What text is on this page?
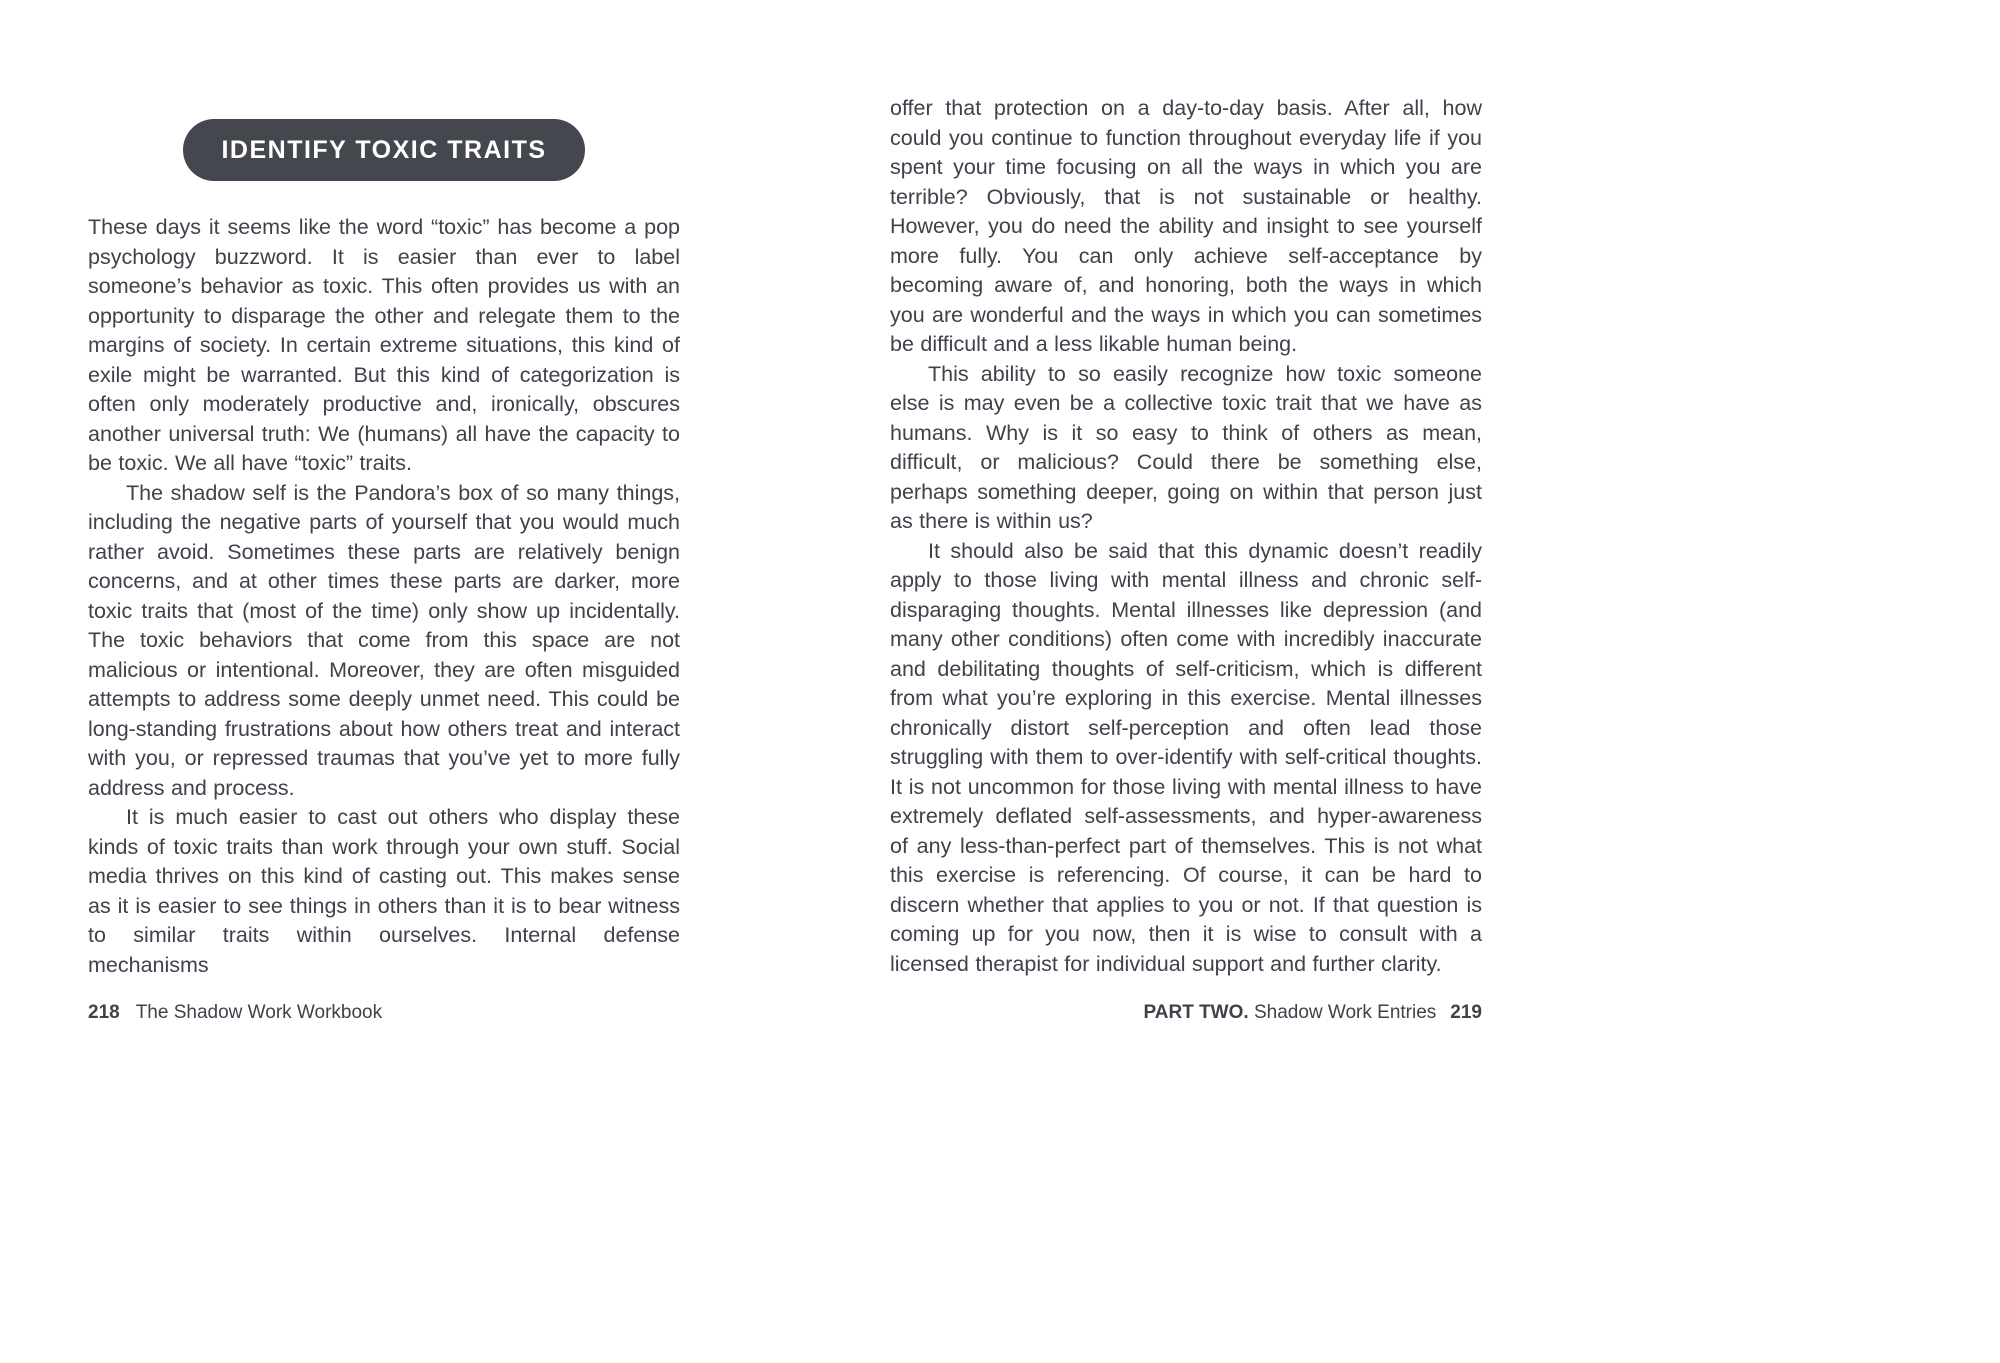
IDENTIFY TOXIC TRAITS

These days it seems like the word “toxic” has become a pop psychology buzzword. It is easier than ever to label someone’s behavior as toxic. This often provides us with an opportunity to disparage the other and relegate them to the margins of society. In certain extreme situations, this kind of exile might be warranted. But this kind of categorization is often only moderately productive and, ironically, obscures another universal truth: We (humans) all have the capacity to be toxic. We all have “toxic” traits.

The shadow self is the Pandora’s box of so many things, including the negative parts of yourself that you would much rather avoid. Sometimes these parts are relatively benign concerns, and at other times these parts are darker, more toxic traits that (most of the time) only show up incidentally. The toxic behaviors that come from this space are not malicious or intentional. Moreover, they are often misguided attempts to address some deeply unmet need. This could be long-standing frustrations about how others treat and interact with you, or repressed traumas that you’ve yet to more fully address and process.

It is much easier to cast out others who display these kinds of toxic traits than work through your own stuff. Social media thrives on this kind of casting out. This makes sense as it is easier to see things in others than it is to bear witness to similar traits within ourselves. Internal defense mechanisms

offer that protection on a day-to-day basis. After all, how could you continue to function throughout everyday life if you spent your time focusing on all the ways in which you are terrible? Obviously, that is not sustainable or healthy. However, you do need the ability and insight to see yourself more fully. You can only achieve self-acceptance by becoming aware of, and honoring, both the ways in which you are wonderful and the ways in which you can sometimes be difficult and a less likable human being.

This ability to so easily recognize how toxic someone else is may even be a collective toxic trait that we have as humans. Why is it so easy to think of others as mean, difficult, or malicious? Could there be something else, perhaps something deeper, going on within that person just as there is within us?

It should also be said that this dynamic doesn’t readily apply to those living with mental illness and chronic self-disparaging thoughts. Mental illnesses like depression (and many other conditions) often come with incredibly inaccurate and debilitating thoughts of self-criticism, which is different from what you’re exploring in this exercise. Mental illnesses chronically distort self-perception and often lead those struggling with them to over-identify with self-critical thoughts. It is not uncommon for those living with mental illness to have extremely deflated self-assessments, and hyper-awareness of any less-than-perfect part of themselves. This is not what this exercise is referencing. Of course, it can be hard to discern whether that applies to you or not. If that question is coming up for you now, then it is wise to consult with a licensed therapist for individual support and further clarity.

218 The Shadow Work Workbook	PART TWO. Shadow Work Entries 219
